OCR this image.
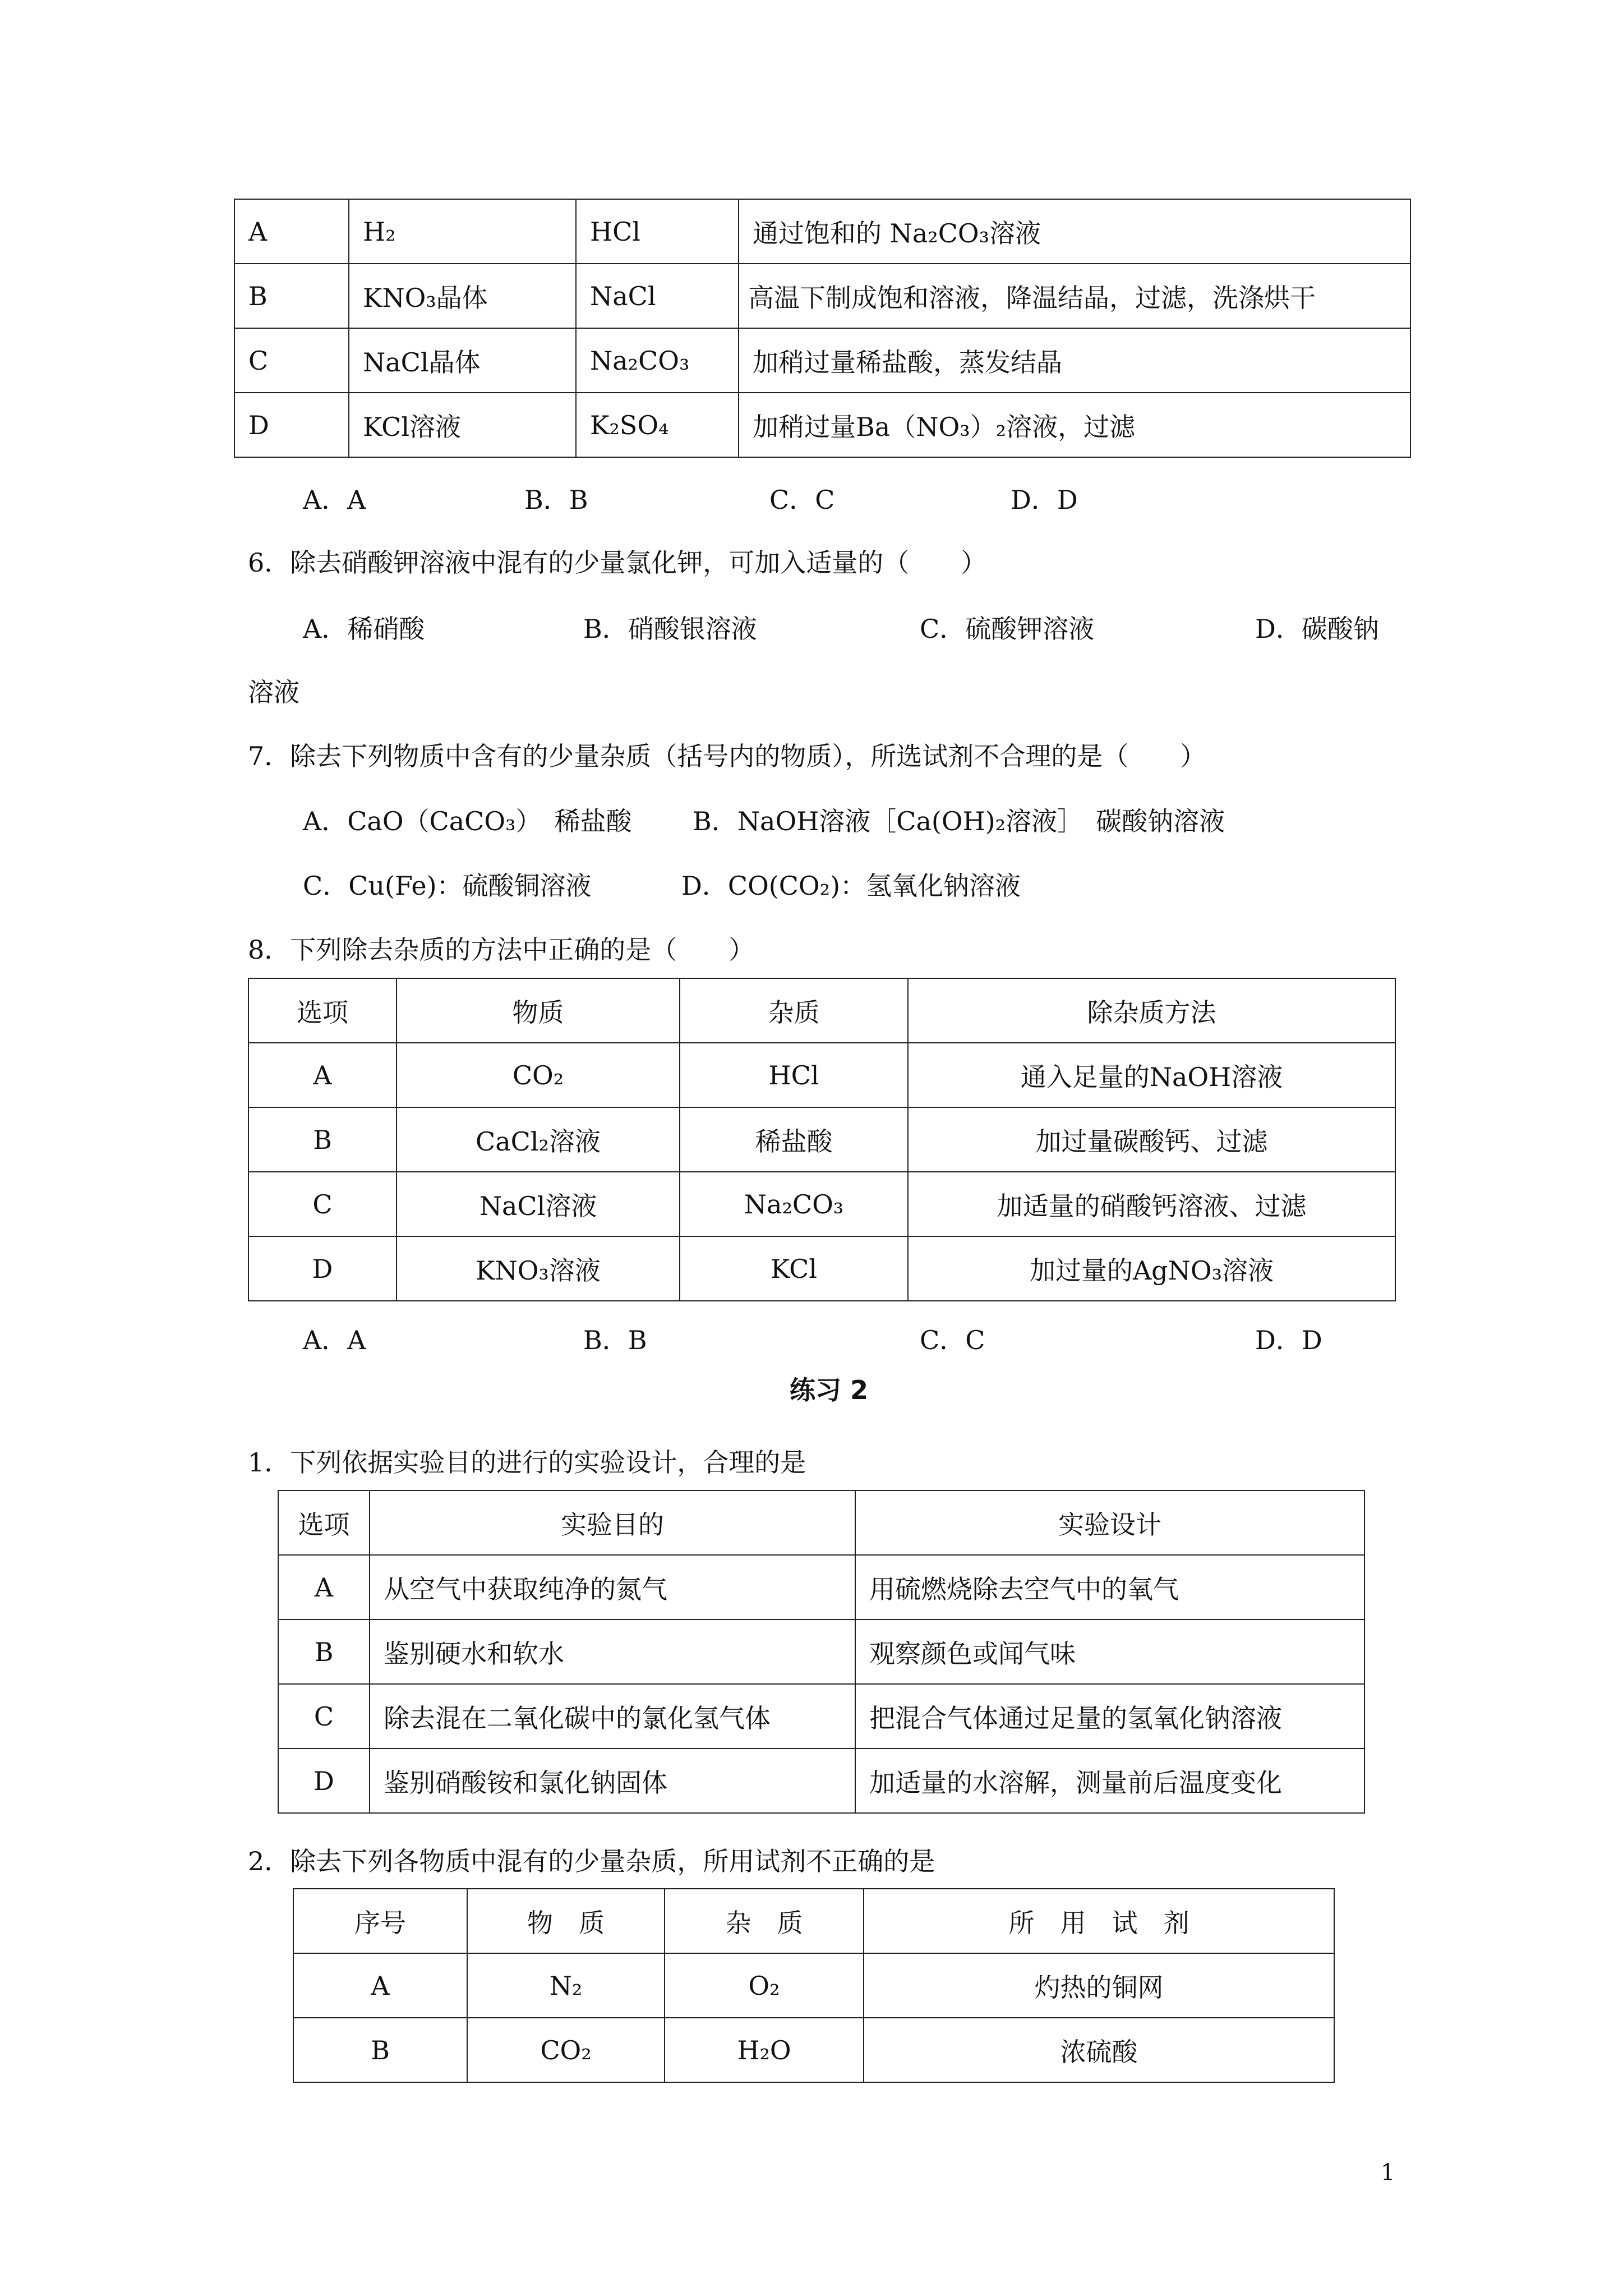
A	H₂	HCl	通过饱和的 Na₂CO₃溶液
B	KNO₃晶体	NaCl	高温下制成饱和溶液，降温结晶，过滤，洗涤烘干
C	NaCl晶体	Na₂CO₃	加稍过量稀盐酸，蒸发结晶
D	KCl溶液	K₂SO₄	加稍过量Ba（NO₃）₂溶液，过滤
A．A	B．B	C．C	D．D
6．除去硝酸钾溶液中混有的少量氯化钾，可加入适量的（　　）
A．稀硝酸	B．硝酸银溶液	C．硫酸钾溶液	D．碳酸钠
溶液
7．除去下列物质中含有的少量杂质（括号内的物质），所选试剂不合理的是（　　）
A．CaO（CaCO₃）　稀盐酸 B．NaOH溶液［Ca(OH)₂溶液］　碳酸钠溶液
C．Cu(Fe)：硫酸铜溶液	D．CO(CO₂)：氢氧化钠溶液
8．下列除去杂质的方法中正确的是（　　）
选项	物质	杂质	除杂质方法
A	CO₂	HCl	通入足量的NaOH溶液
B	CaCl₂溶液	稀盐酸	加过量碳酸钙、过滤
C	NaCl溶液	Na₂CO₃	加适量的硝酸钙溶液、过滤
D	KNO₃溶液	KCl	加过量的AgNO₃溶液
A．A	B．B	C．C	D．D
练习 2
1．下列依据实验目的进行的实验设计，合理的是
选项	实验目的	实验设计
A	从空气中获取纯净的氮气	用硫燃烧除去空气中的氧气
B	鉴别硬水和软水	观察颜色或闻气味
C	除去混在二氧化碳中的氯化氢气体	把混合气体通过足量的氢氧化钠溶液
D	鉴别硝酸铵和氯化钠固体	加适量的水溶解，测量前后温度变化
2．除去下列各物质中混有的少量杂质，所用试剂不正确的是
序号	物　质	杂　质	所　用　试　剂
A	N₂	O₂	灼热的铜网
B	CO₂	H₂O	浓硫酸
1
